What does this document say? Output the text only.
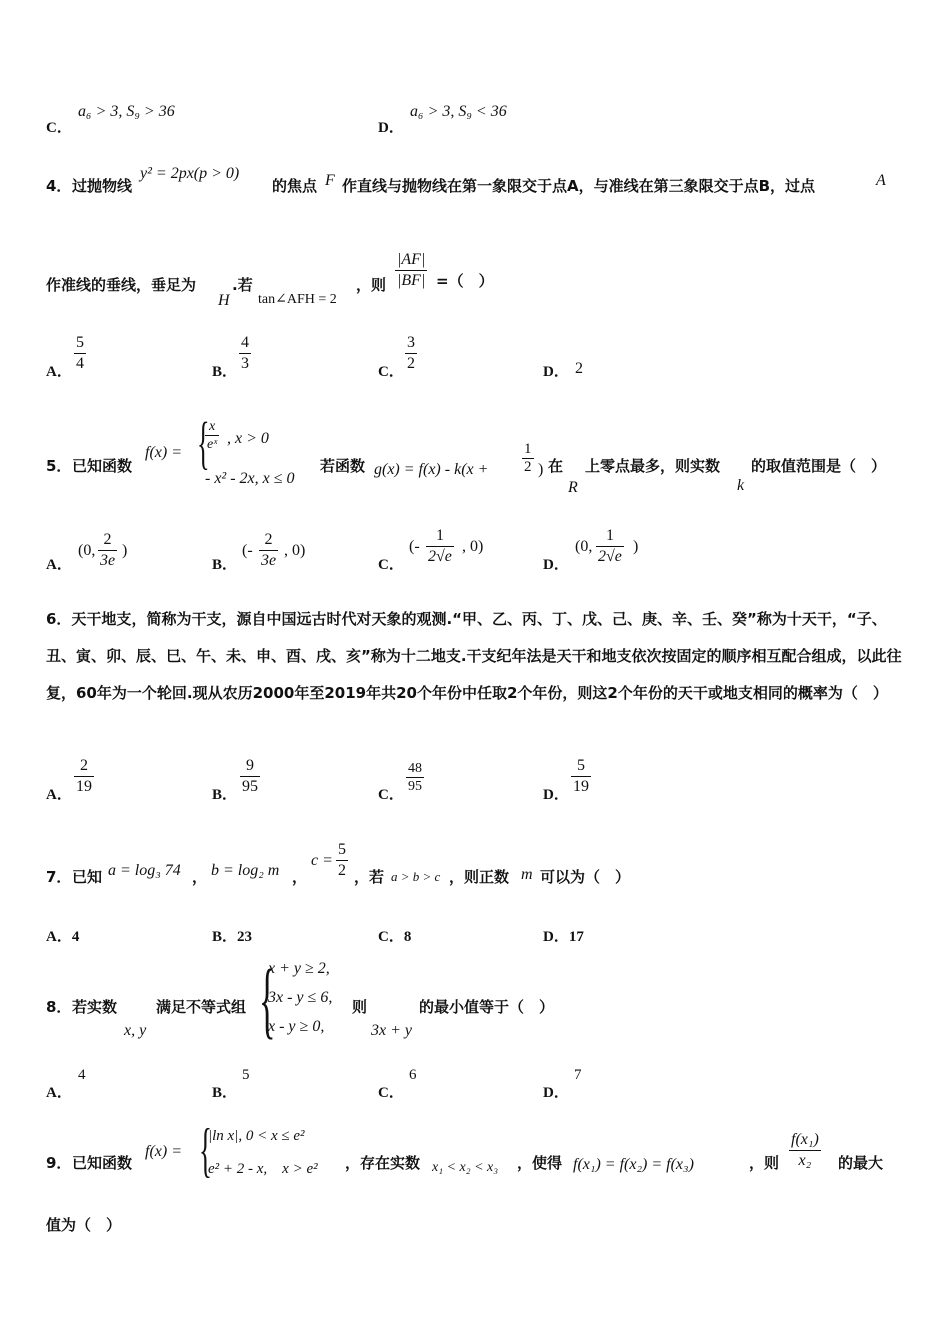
C．
a₆ > 3, S₉ > 36
D．
a₆ > 3, S₉ < 36
4． 过抛物线
y² = 2px(p > 0)
的焦点 F 作直线与抛物线在第一象限交于点A，与准线在第三象限交于点B，过点	A
作准线的垂线，垂足为
H
.若
tan∠AFH = 2
，则 $\frac{|AF|}{|BF|}$ =（　）
A． $\frac{5}{4}$	B． $\frac{4}{3}$	C． $\frac{3}{2}$	D． 2
5． 已知函数
f(x) = {
$\frac{x}{\text{eˣ}}$ , x > 0
- x² - 2x, x ≤ 0
若函数 $g(x) = f(x) - k(x + \frac{1}{2}$ ) 在
R
上零点最多，则实数
k
的取值范围是（　）
A．
(0, $\frac{2}{3e}$ )
B．
(- $\frac{2}{3e}$ , 0)
C．
(- $\frac{1}{2√e}$ , 0)
D．
(0, $\frac{1}{2√e}$ )
6．天干地支，简称为干支，源自中国远古时代对天象的观测.“甲、乙、丙、丁、戊、己、庚、辛、壬、癸”称为十天干，“子、丑、寅、卯、辰、巳、午、未、申、酉、戌、亥”称为十二地支.干支纪年法是天干和地支依次按固定的顺序相互配合组成，以此往复，60年为一个轮回.现从农历2000年至2019年共20个年份中任取2个年份，则这2个年份的天干或地支相同的概率为（　）
A． $\frac{2}{19}$	B． $\frac{9}{95}$	C． $\frac{48}{95}$	D． $\frac{5}{19}$
7． 已知 a = log₃ 74 ， b = log₂ m ，
$c = \frac{5}{2}$ ，若 a > b > c ，则正数 m 可以为（　）
A．4	B．23	C．8	D．17
8． 若实数
x, y
满足不等式组 {
x + y ≥ 2,
3x - y ≤ 6,
x - y ≥ 0,
则
3x + y
的最小值等于（　）
A．
4
B．
5
C．
6
D．
7
9． 已知函数
f(x) = {
|ln x|, 0 < x ≤ e²
e² + 2 - x,　x > e² ，存在实数 x₁ < x₂ < x₃ ，使得 f(x₁) = f(x₂) = f(x₃)	，则 $\frac{\text{f(x₁)}}{\text{x₂}}$ 的最大
值为（　）
